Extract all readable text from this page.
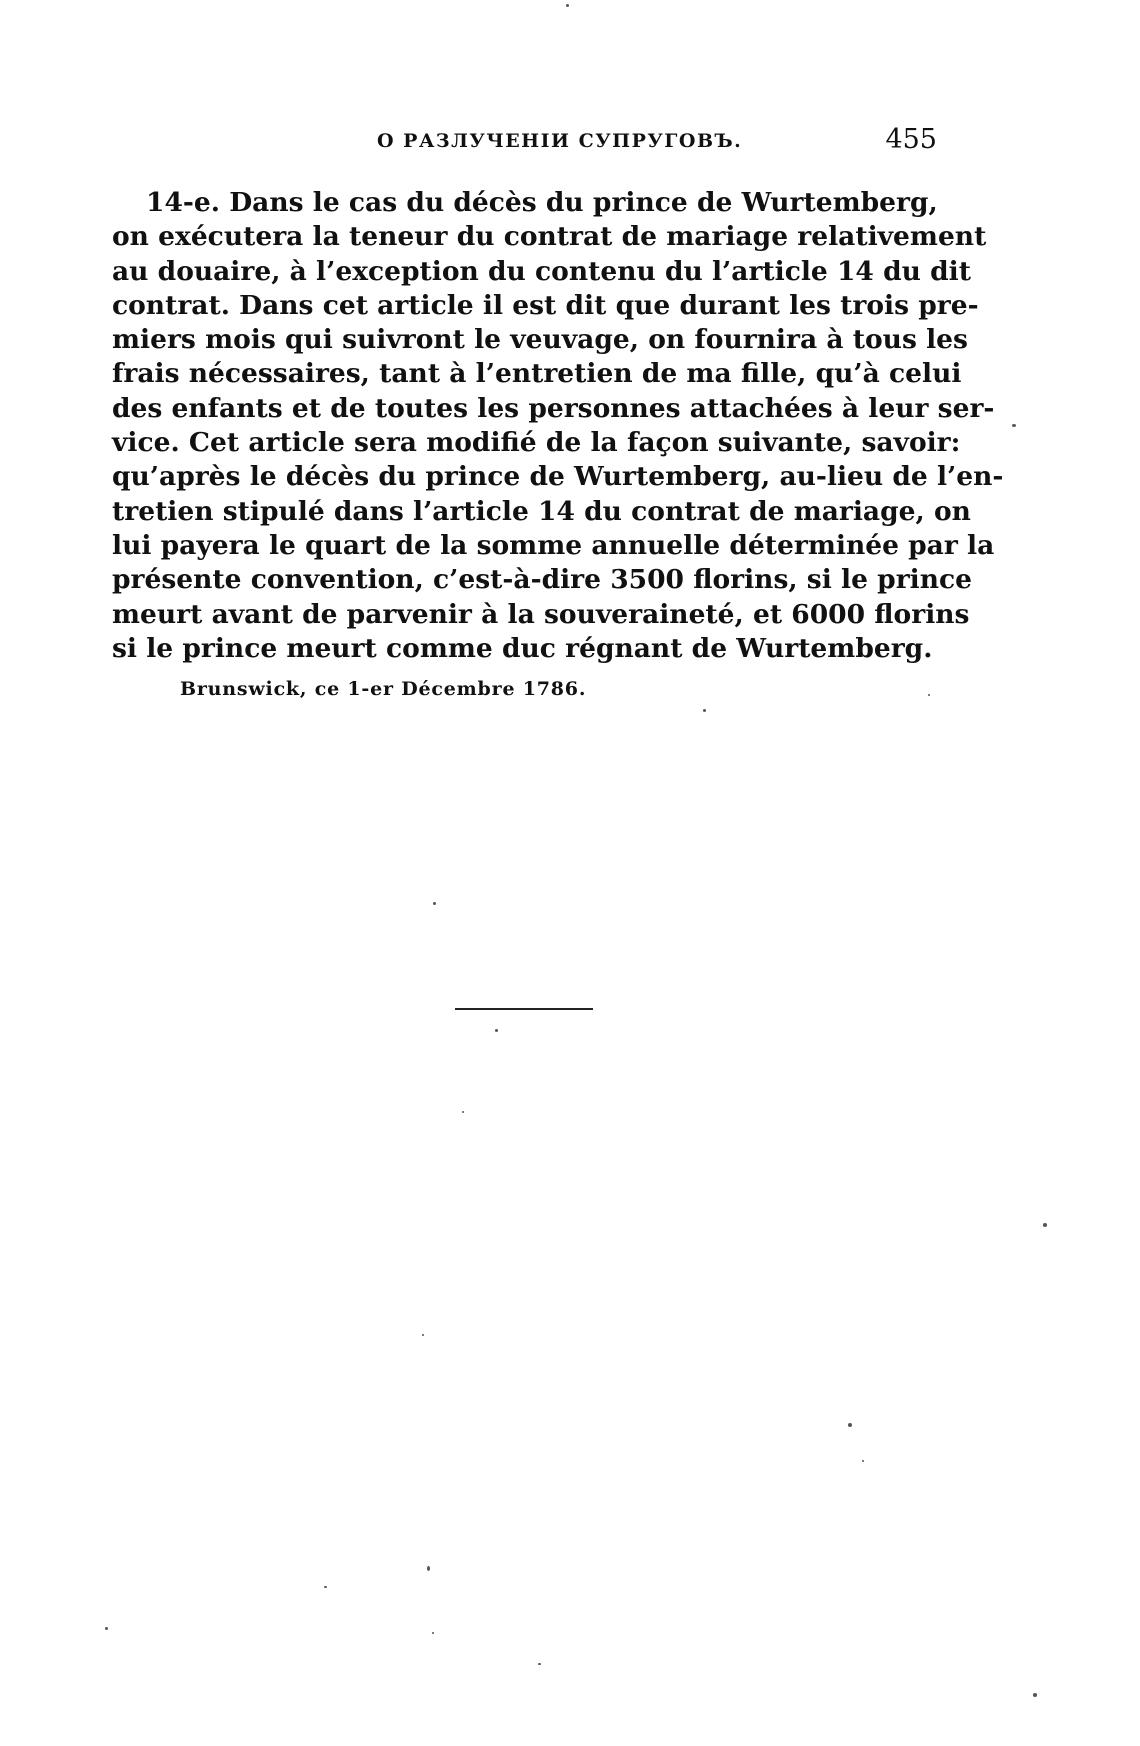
О РАЗЛУЧЕНІИ СУПРУГОВЪ.	455
14-e. Dans le cas du décès du prince de Wurtemberg,
on exécutera la teneur du contrat de mariage relativement
au douaire, à l’exception du contenu du l’article 14 du dit
contrat. Dans cet article il est dit que durant les trois pre-
miers mois qui suivront le veuvage, on fournira à tous les
frais nécessaires, tant à l’entretien de ma fille, qu’à celui
des enfants et de toutes les personnes attachées à leur ser-
vice. Cet article sera modifié de la façon suivante, savoir:
qu’après le décès du prince de Wurtemberg, au-lieu de l’en-
tretien stipulé dans l’article 14 du contrat de mariage, on
lui payera le quart de la somme annuelle déterminée par la
présente convention, c’est-à-dire 3500 florins, si le prince
meurt avant de parvenir à la souveraineté, et 6000 florins
si le prince meurt comme duc régnant de Wurtemberg.
Brunswick, ce 1-er Décembre 1786.
